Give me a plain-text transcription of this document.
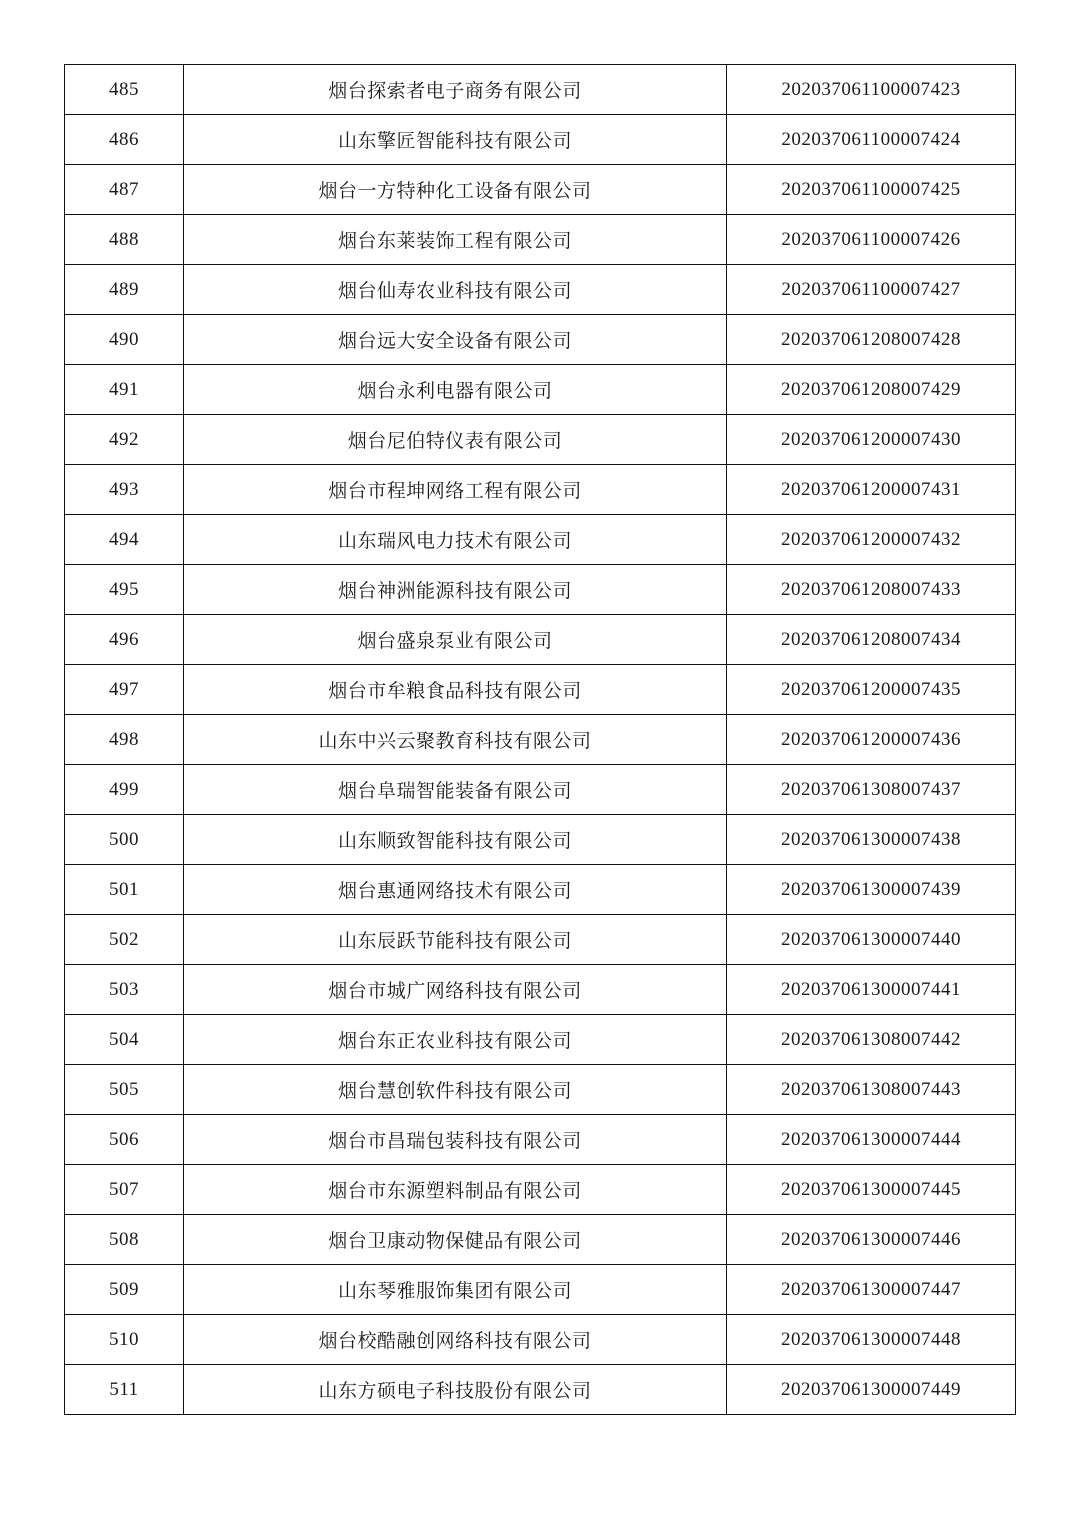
485	烟台探索者电子商务有限公司	202037061100007423
486	山东擎匠智能科技有限公司	202037061100007424
487	烟台一方特种化工设备有限公司	202037061100007425
488	烟台东莱装饰工程有限公司	202037061100007426
489	烟台仙寿农业科技有限公司	202037061100007427
490	烟台远大安全设备有限公司	202037061208007428
491	烟台永利电器有限公司	202037061208007429
492	烟台尼伯特仪表有限公司	202037061200007430
493	烟台市程坤网络工程有限公司	202037061200007431
494	山东瑞风电力技术有限公司	202037061200007432
495	烟台神洲能源科技有限公司	202037061208007433
496	烟台盛泉泵业有限公司	202037061208007434
497	烟台市牟粮食品科技有限公司	202037061200007435
498	山东中兴云聚教育科技有限公司	202037061200007436
499	烟台阜瑞智能装备有限公司	202037061308007437
500	山东顺致智能科技有限公司	202037061300007438
501	烟台惠通网络技术有限公司	202037061300007439
502	山东辰跃节能科技有限公司	202037061300007440
503	烟台市城广网络科技有限公司	202037061300007441
504	烟台东正农业科技有限公司	202037061308007442
505	烟台慧创软件科技有限公司	202037061308007443
506	烟台市昌瑞包装科技有限公司	202037061300007444
507	烟台市东源塑料制品有限公司	202037061300007445
508	烟台卫康动物保健品有限公司	202037061300007446
509	山东琴雅服饰集团有限公司	202037061300007447
510	烟台校酷融创网络科技有限公司	202037061300007448
511	山东方硕电子科技股份有限公司	202037061300007449
